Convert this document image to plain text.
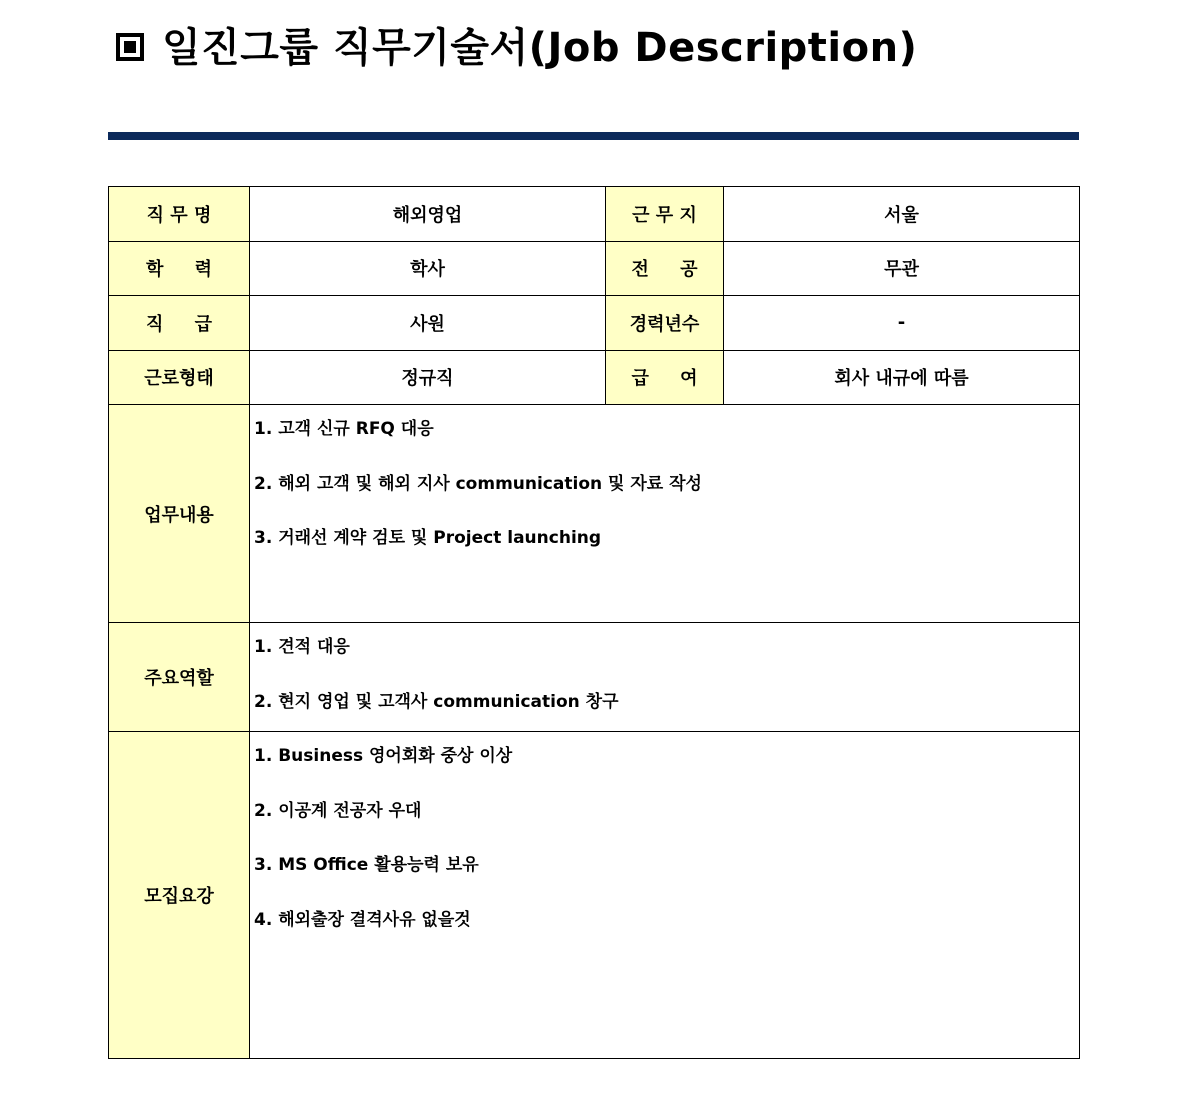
일진그룹 직무기술서(Job Description)
직 무 명	해외영업	근 무 지	서울
학     력	학사	전     공	무관
직     급	사원	경력년수	-
근로형태	정규직	급     여	회사 내규에 따름
업무내용	1. 고객 신규 RFQ 대응
2. 해외 고객 및 해외 지사 communication 및 자료 작성
3. 거래선 계약 검토 및 Project launching		

주요역할	1. 견적 대응
2. 현지 영업 및 고객사 communication 창구		

모집요강	1. Business 영어회화 중상 이상
2. 이공계 전공자 우대
3. MS Office 활용능력 보유
4. 해외출장 결격사유 없을것		
